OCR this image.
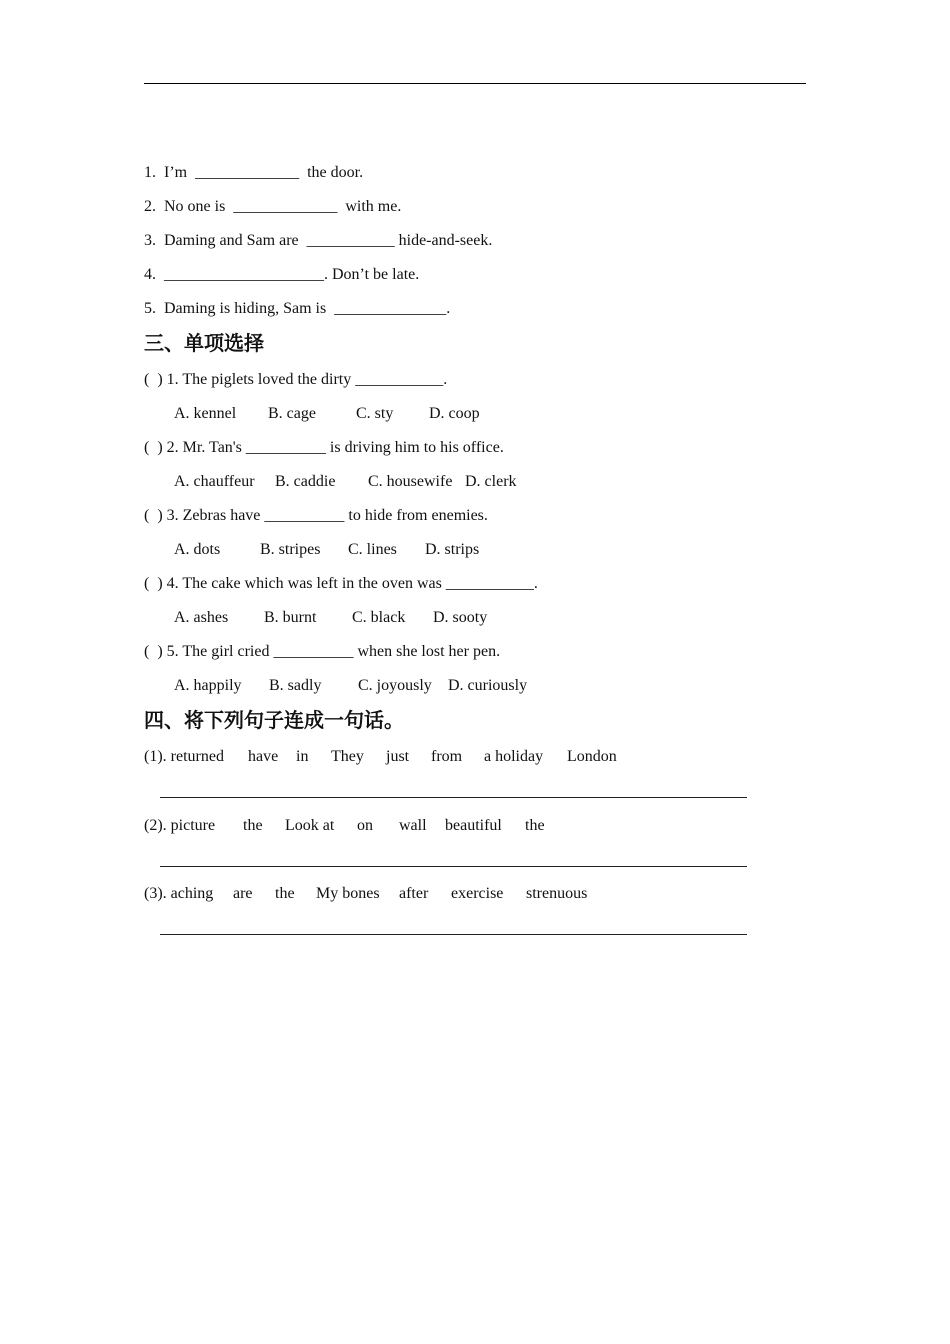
1.  I’m  _____________  the door.
2.  No one is  _____________  with me.
3.  Daming and Sam are  ___________ hide-and-seek.
4.  ____________________. Don’t be late.
5.  Daming is hiding, Sam is  ______________.
三、单项选择
(  ) 1. The piglets loved the dirty ___________.
A. kennel B. cage	C. sty D. coop
(  ) 2. Mr. Tan's __________ is driving him to his office.
A. chauffeur B. caddie C. housewife D. clerk
(  ) 3. Zebras have __________ to hide from enemies.
A. dots B. stripes C. lines D. strips
(  ) 4. The cake which was left in the oven was ___________.
A. ashes B. burnt C. black D. sooty
(  ) 5. The girl cried __________ when she lost her pen.
A. happily B. sadly C. joyously D. curiously
四、将下列句子连成一句话。
(1). returned have in They just from a holiday London
(2). picture the Look at on wall beautiful the
(3). aching are the My bones after exercise strenuous
